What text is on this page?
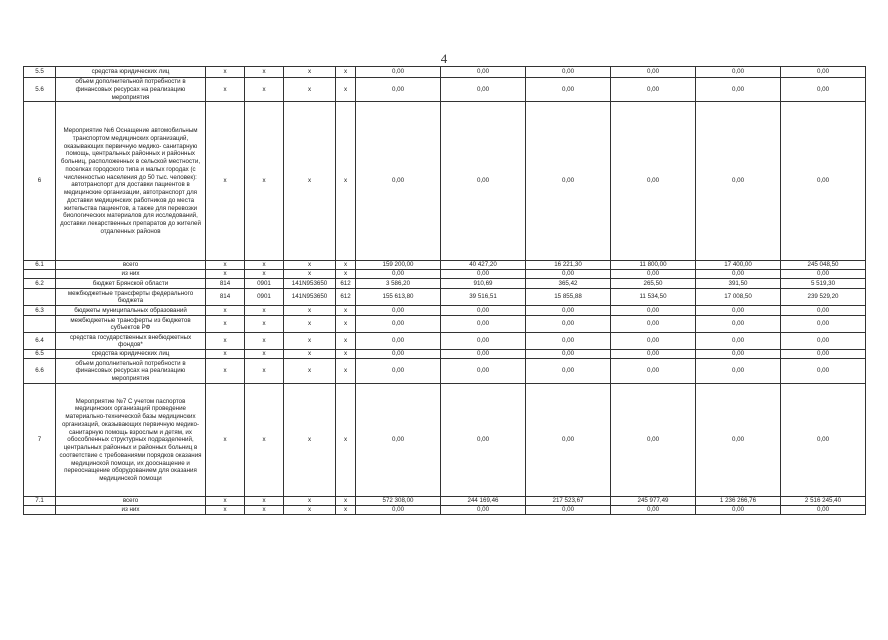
4
5.5	средства юридических лиц	x	x	x	x	0,00	0,00	0,00	0,00	0,00	0,00
5.6	объем дополнительной потребности в финансовых ресурсах на реализацию мероприятия	x	x	x	x	0,00	0,00	0,00	0,00	0,00	0,00
6	Мероприятие №6 Оснащение автомобильным транспортом медицинских организаций, оказывающих первичную медико- санитарную помощь, центральных районных и районных больниц, расположенных в сельской местности, поселках городского типа и малых городах (с численностью населения до 50 тыс. человек): автотранспорт для доставки пациентов в медицинские организации, автотранспорт для доставки медицинских работников до места жительства пациентов, а также для перевозки биологических материалов для исследований, доставки лекарственных препаратов до жителей отдаленных районов	x	x	x	x	0,00	0,00	0,00	0,00	0,00	0,00
6.1	всего	x	x	x	x	159 200,00	40 427,20	16 221,30	11 800,00	17 400,00	245 048,50
	из них	x	x	x	x	0,00	0,00	0,00	0,00	0,00	0,00
6.2	бюджет Брянской области	814	0901	141N953650	612	3 586,20	910,69	365,42	265,50	391,50	5 519,30
	межбюджетные трансферты федерального бюджета	814	0901	141N953650	612	155 613,80	39 516,51	15 855,88	11 534,50	17 008,50	239 529,20
6.3	бюджеты муниципальных образований	x	x	x	x	0,00	0,00	0,00	0,00	0,00	0,00
	межбюджетные трансферты из бюджетов субъектов РФ	x	x	x	x	0,00	0,00	0,00	0,00	0,00	0,00
6.4	средства государственных внебюджетных фондов*	x	x	x	x	0,00	0,00	0,00	0,00	0,00	0,00
6.5	средства юридических лиц	x	x	x	x	0,00	0,00	0,00	0,00	0,00	0,00
6.6	объем дополнительной потребности в финансовых ресурсах на реализацию мероприятия	x	x	x	x	0,00	0,00	0,00	0,00	0,00	0,00
7	Мероприятие №7 С учетом паспортов медицинских организаций проведение материально-технической базы медицинских организаций, оказывающих первичную медико-санитарную помощь взрослым и детям, их обособленных структурных подразделений, центральных районных и районных больниц в соответствие с требованиями порядков оказания медицинской помощи, их дооснащение и переоснащение оборудованием для оказания медицинской помощи	x	x	x	x	0,00	0,00	0,00	0,00	0,00	0,00
7.1	всего	x	x	x	x	572 308,00	244 169,46	217 523,67	245 977,49	1 236 266,76	2 516 245,40
	из них	x	x	x	x	0,00	0,00	0,00	0,00	0,00	0,00
